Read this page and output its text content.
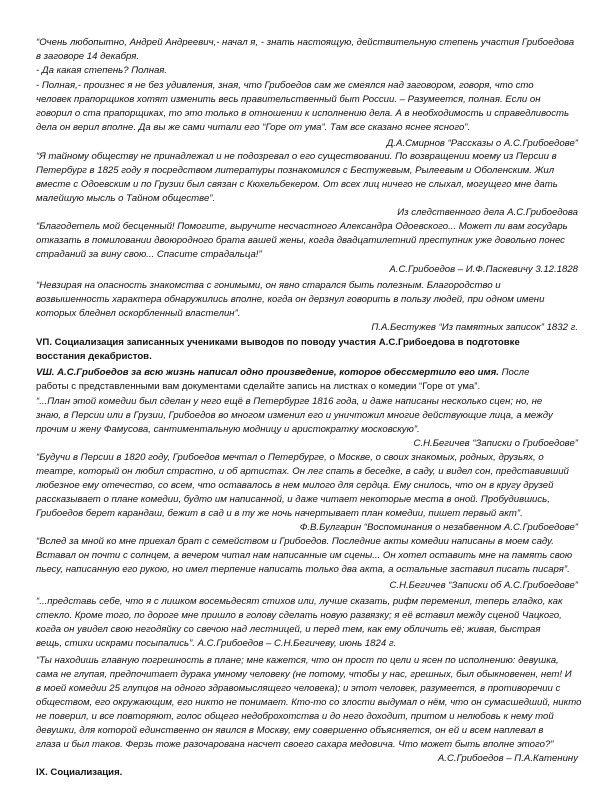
“Очень любопытно, Андрей Андреевич,- начал я, - знать настоящую, действительную степень участия Грибоедова
в заговоре 14 декабря.
- Да какая степень? Полная.
- Полная,- произнес я не без удивления, зная, что Грибоедов сам же смеялся над заговором, говоря, что сто
человек прапорщиков хотят изменить весь правительственный быт России. – Разумеется, полная. Если он
говорил о ста прапорщиках, то это только в отношении к исполнению дела. А в необходимость и справедливость
дела он верил вполне. Да вы же сами читали его “Горе от ума”. Там все сказано яснее ясного”.
Д.А.Смирнов “Рассказы о А.С.Грибоедове”
“Я тайному обществу не принадлежал и не подозревал о его существовании. По возвращении моему из Персии в
Петербург в 1825 году я посредством литературы познакомился с Бестужевым, Рылеевым и Оболенским. Жил
вместе с Одоевским и по Грузии был связан с Кюхельбекером. От всех лиц ничего не слыхал, могущего мне дать
малейшую мысль о Тайном обществе”.
Из следственного дела А.С.Грибоедова
“Благодетель мой бесценный! Помогите, выручите несчастного Александра Одоевского... Может ли вам государь
отказать в помиловании двоюродного брата вашей жены, когда двадцатилетний преступник уже довольно понес
страданий за вину свою... Спасите страдальца!”
А.С.Грибоедов – И.Ф.Паскевичу 3.12.1828
“Невзирая на опасность знакомства с гонимыми, он явно старался быть полезным. Благородство и
возвышенность характера обнаружились вполне, когда он дерзнул говорить в пользу людей, при одном имени
которых бледнел оскорбленный властелин”.
П.А.Бестужев “Из памятных записок” 1832 г.
VП. Социализация записанных учениками выводов по поводу участия А.С.Грибоедова в подготовке
восстания декабристов.
VШ. А.С.Грибоедов за всю жизнь написал одно произведение, которое обессмертило его имя. После
работы с представленными вам документами сделайте запись на листках о комедии “Горе от ума”.
“...План этой комедии был сделан у него ещё в Петербурге 1816 года, и даже написаны несколько сцен; но, не
знаю, в Персии или в Грузии, Грибоедов во многом изменил его и уничтожил многие действующие лица, а между
прочим и жену Фамусова, сантиментальную модницу и аристократку московскую”.
С.Н.Бегичев “Записки о Грибоедове”
“Будучи в Персии в 1820 году, Грибоедов мечтал о Петербурге, о Москве, о своих знакомых, родных, друзьях, о
театре, который он любил страстно, и об артистах. Он лег спать в беседке, в саду, и видел сон, представивший
любезное ему отечество, со всем, что оставалось в нем милого для сердца. Ему снилось, что он в кругу друзей
рассказывает о плане комедии, будто им написанной, и даже читает некоторые места в оной. Пробудившись,
Грибоедов берет карандаш, бежит в сад и в ту же ночь начертывает план комедии, пишет первый акт”.
Ф.В.Булгарин “Воспоминания о незабвенном А.С.Грибоедове”
“Вслед за мной ко мне приехал брат с семейством и Грибоедов. Последние акты комедии написаны в моем саду.
Вставал он почти с солнцем, а вечером читал нам написанные им сцены... Он хотел оставить мне на память свою
пьесу, написанную его рукою, но имел терпение написать только два акта, а остальные заставил писать писаря”.
С.Н.Бегичев “Записки об А.С.Грибоедове”
“...представь себе, что я с лишком восемьдесят стихов или, лучше сказать, рифм переменил, теперь гладко, как
стекло. Кроме того, по дороге мне пришло в голову сделать новую развязку; я её вставил между сценой Чацкого,
когда он увидел свою негодяйку со свечою над лестницей, и перед тем, как ему обличить её; живая, быстрая
вещь, стихи искрами посыпались”. А.С.Грибоедов – С.Н.Бегичеву, июнь 1824 г.
“Ты находишь главную погрешность в плане; мне кажется, что он прост по цели и ясен по исполнению: девушка,
сама не глупая, предпочитает дурака умному человеку (не потому, чтобы у нас, грешных, был обыкновенен, нет! И
в моей комедии 25 глупцов на одного здравомыслящего человека); и этот человек, разумеется, в противоречии с
обществом, его окружающим, его никто не понимает. Кто-то со злости выдумал о нём, что он сумасшедший, никто
не поверил, и все повторяют, голос общего недоброхотства и до него доходит, притом и нелюбовь к нему той
девушки, для которой единственно он явился в Москву, ему совершенно объясняется, он ей и всем наплевал в
глаза и был таков. Ферзь тоже разочарована насчет своего сахара медовича. Что может быть вполне этого?”
А.С.Грибоедов – П.А.Катенину
IX. Социализация.
